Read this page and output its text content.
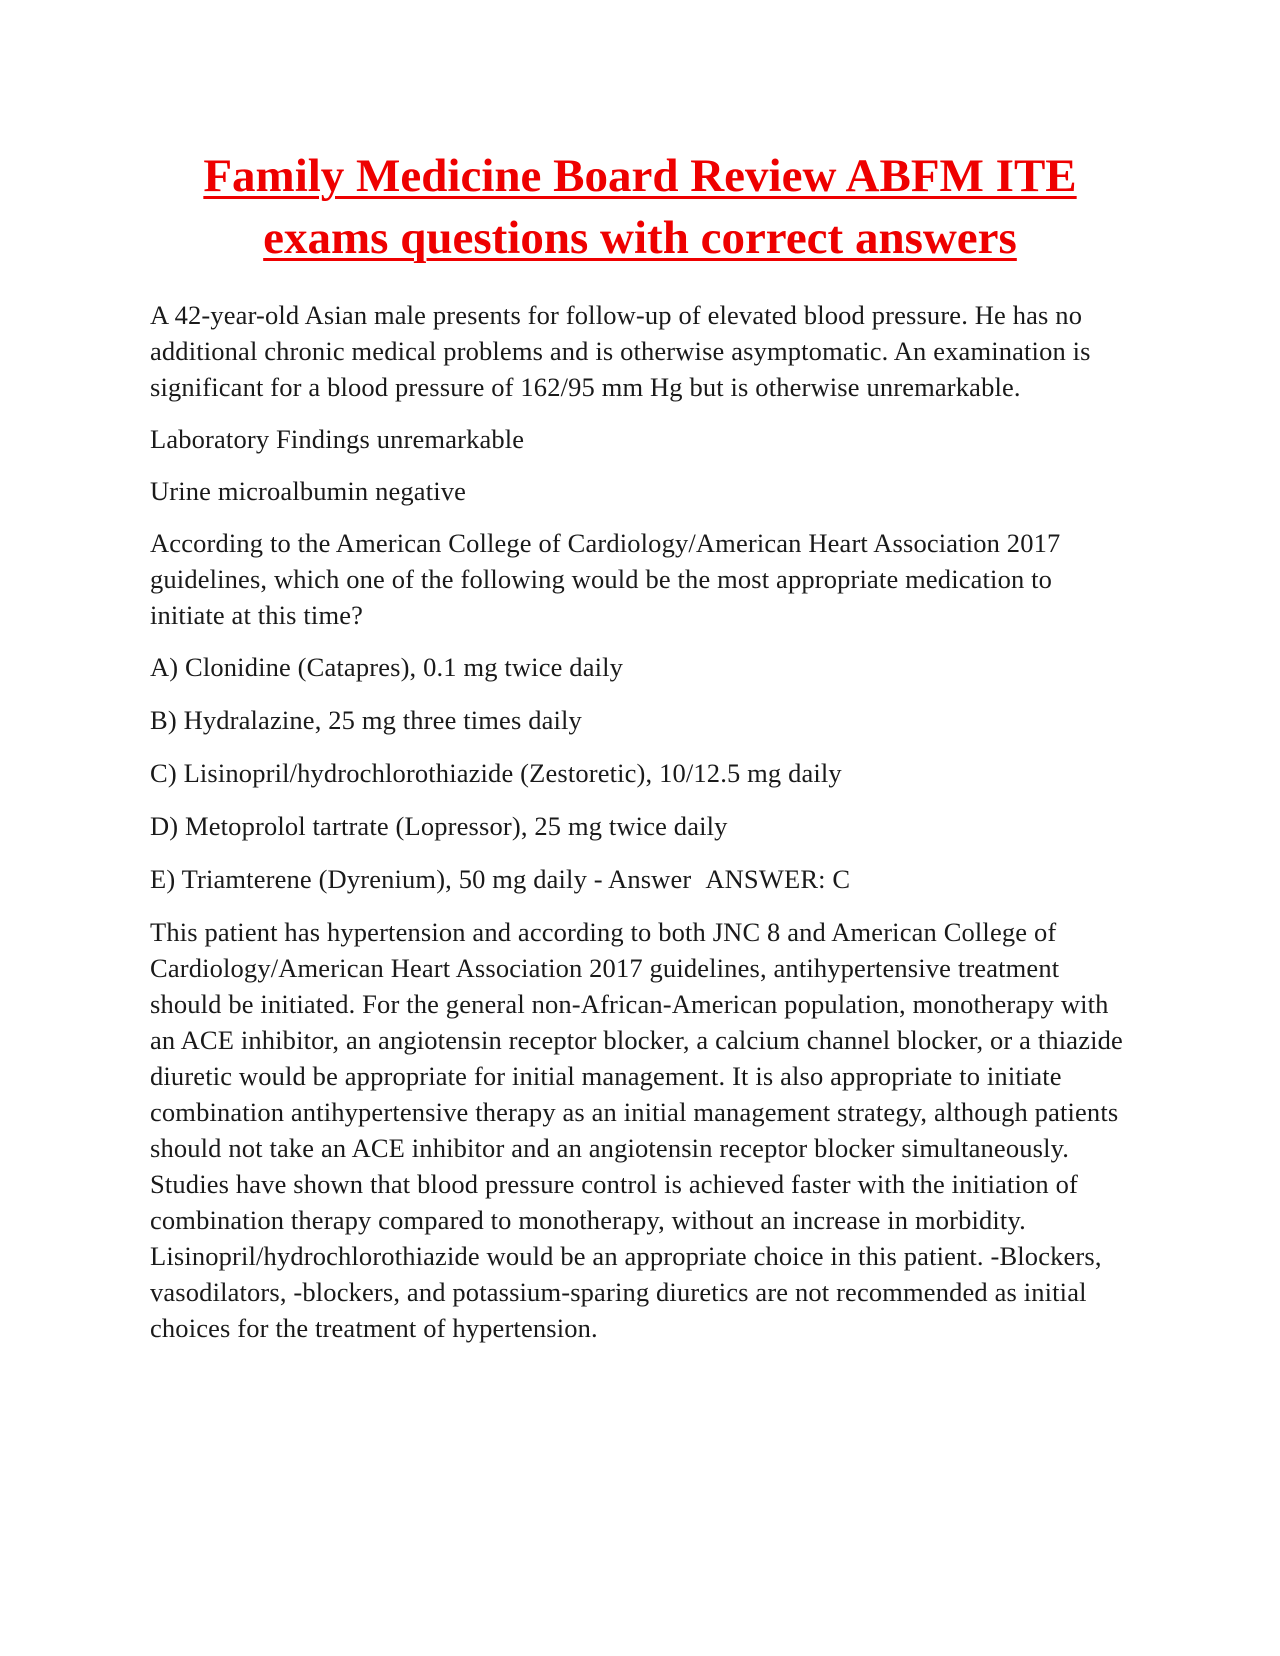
Family Medicine Board Review ABFM ITE exams questions with correct answers

A 42-year-old Asian male presents for follow-up of elevated blood pressure. He has no additional chronic medical problems and is otherwise asymptomatic. An examination is significant for a blood pressure of 162/95 mm Hg but is otherwise unremarkable.

Laboratory Findings unremarkable

Urine microalbumin negative

According to the American College of Cardiology/American Heart Association 2017 guidelines, which one of the following would be the most appropriate medication to initiate at this time?

A) Clonidine (Catapres), 0.1 mg twice daily

B) Hydralazine, 25 mg three times daily

C) Lisinopril/hydrochlorothiazide (Zestoretic), 10/12.5 mg daily

D) Metoprolol tartrate (Lopressor), 25 mg twice daily

E) Triamterene (Dyrenium), 50 mg daily - Answer ANSWER: C

This patient has hypertension and according to both JNC 8 and American College of Cardiology/American Heart Association 2017 guidelines, antihypertensive treatment should be initiated. For the general non-African-American population, monotherapy with an ACE inhibitor, an angiotensin receptor blocker, a calcium channel blocker, or a thiazide diuretic would be appropriate for initial management. It is also appropriate to initiate combination antihypertensive therapy as an initial management strategy, although patients should not take an ACE inhibitor and an angiotensin receptor blocker simultaneously. Studies have shown that blood pressure control is achieved faster with the initiation of combination therapy compared to monotherapy, without an increase in morbidity. Lisinopril/hydrochlorothiazide would be an appropriate choice in this patient. -Blockers, vasodilators, -blockers, and potassium-sparing diuretics are not recommended as initial choices for the treatment of hypertension.
